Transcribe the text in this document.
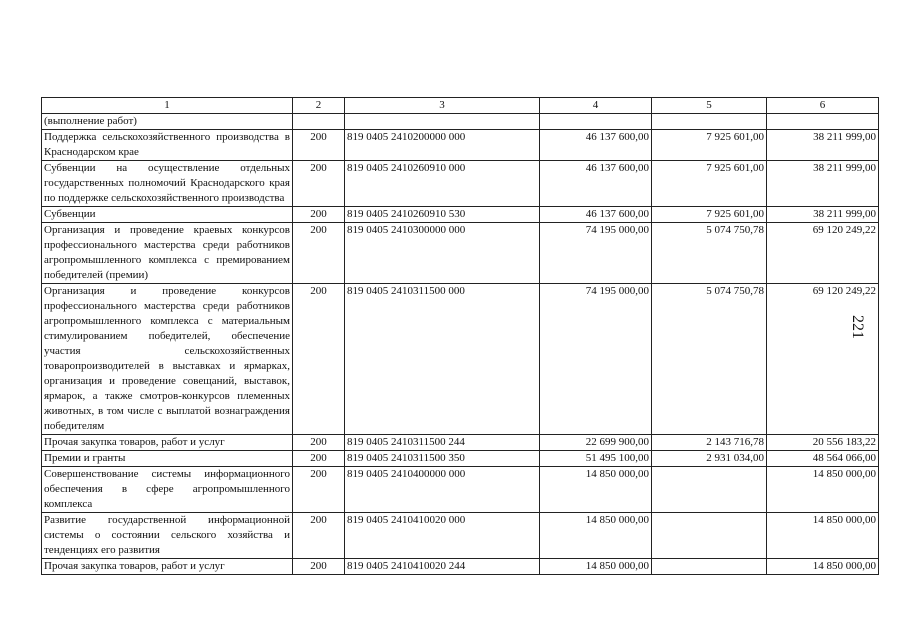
1	2	3	4	5	6
(выполнение работ)					
Поддержка сельскохозяйственного производства в Краснодарском крае	200	819 0405 2410200000 000	46 137 600,00	7 925 601,00	38 211 999,00
Субвенции на осуществление отдельных государственных полномочий Краснодарского края по поддержке сельскохозяйственного производства	200	819 0405 2410260910 000	46 137 600,00	7 925 601,00	38 211 999,00
Субвенции	200	819 0405 2410260910 530	46 137 600,00	7 925 601,00	38 211 999,00
Организация и проведение краевых конкурсов профессионального мастерства среди работников агропромышленного комплекса с премированием победителей (премии)	200	819 0405 2410300000 000	74 195 000,00	5 074 750,78	69 120 249,22
Организация и проведение конкурсов профессионального мастерства среди работников агропромышленного комплекса с материальным стимулированием победителей, обеспечение участия сельскохозяйственных товаропроизводителей в выставках и ярмарках, организация и проведение совещаний, выставок, ярмарок, а также смотров-конкурсов племенных животных, в том числе с выплатой вознаграждения победителям	200	819 0405 2410311500 000	74 195 000,00	5 074 750,78	69 120 249,22
Прочая закупка товаров, работ и услуг	200	819 0405 2410311500 244	22 699 900,00	2 143 716,78	20 556 183,22
Премии и гранты	200	819 0405 2410311500 350	51 495 100,00	2 931 034,00	48 564 066,00
Совершенствование системы информационного обеспечения в сфере агропромышленного комплекса	200	819 0405 2410400000 000	14 850 000,00		14 850 000,00
Развитие государственной информационной системы о состоянии сельского хозяйства и тенденциях его развития	200	819 0405 2410410020 000	14 850 000,00		14 850 000,00
Прочая закупка товаров, работ и услуг	200	819 0405 2410410020 244	14 850 000,00		14 850 000,00
221
